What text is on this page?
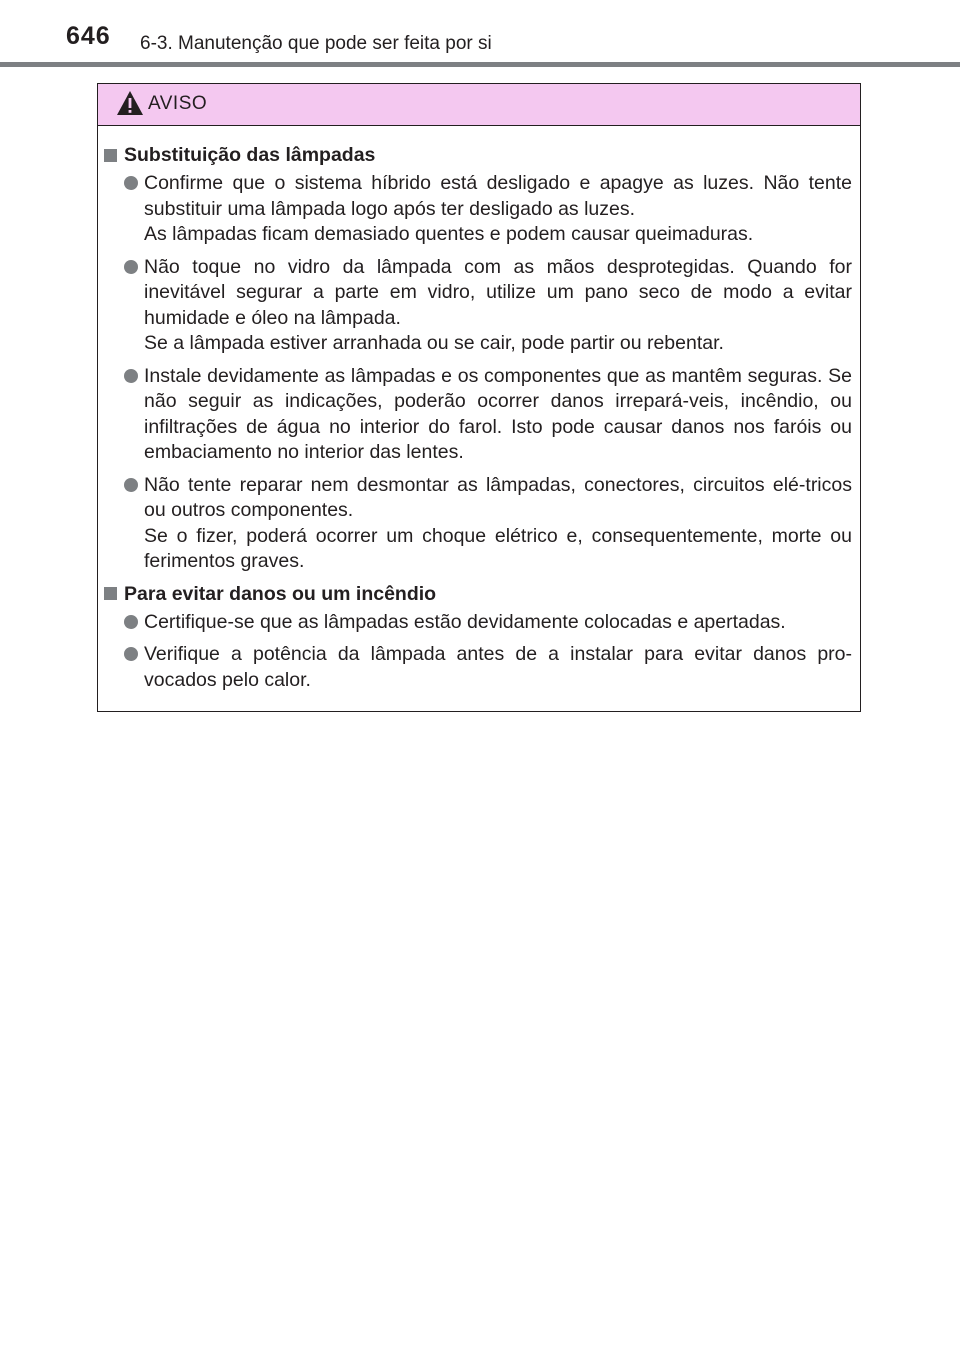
646 6-3. Manutenção que pode ser feita por si
AVISO
Substituição das lâmpadas

Confirme que o sistema híbrido está desligado e apagye as luzes. Não tente substituir uma lâmpada logo após ter desligado as luzes.

As lâmpadas ficam demasiado quentes e podem causar queimaduras.

Não toque no vidro da lâmpada com as mãos desprotegidas. Quando for inevitável segurar a parte em vidro, utilize um pano seco de modo a evitar humidade e óleo na lâmpada.

Se a lâmpada estiver arranhada ou se cair, pode partir ou rebentar.

Instale devidamente as lâmpadas e os componentes que as mantêm seguras. Se não seguir as indicações, poderão ocorrer danos irrepará-veis, incêndio, ou infiltrações de água no interior do farol. Isto pode causar danos nos faróis ou embaciamento no interior das lentes.

Não tente reparar nem desmontar as lâmpadas, conectores, circuitos elé-tricos ou outros componentes.

Se o fizer, poderá ocorrer um choque elétrico e, consequentemente, morte ou ferimentos graves.

Para evitar danos ou um incêndio

Certifique-se que as lâmpadas estão devidamente colocadas e apertadas.

Verifique a potência da lâmpada antes de a instalar para evitar danos pro-vocados pelo calor.
